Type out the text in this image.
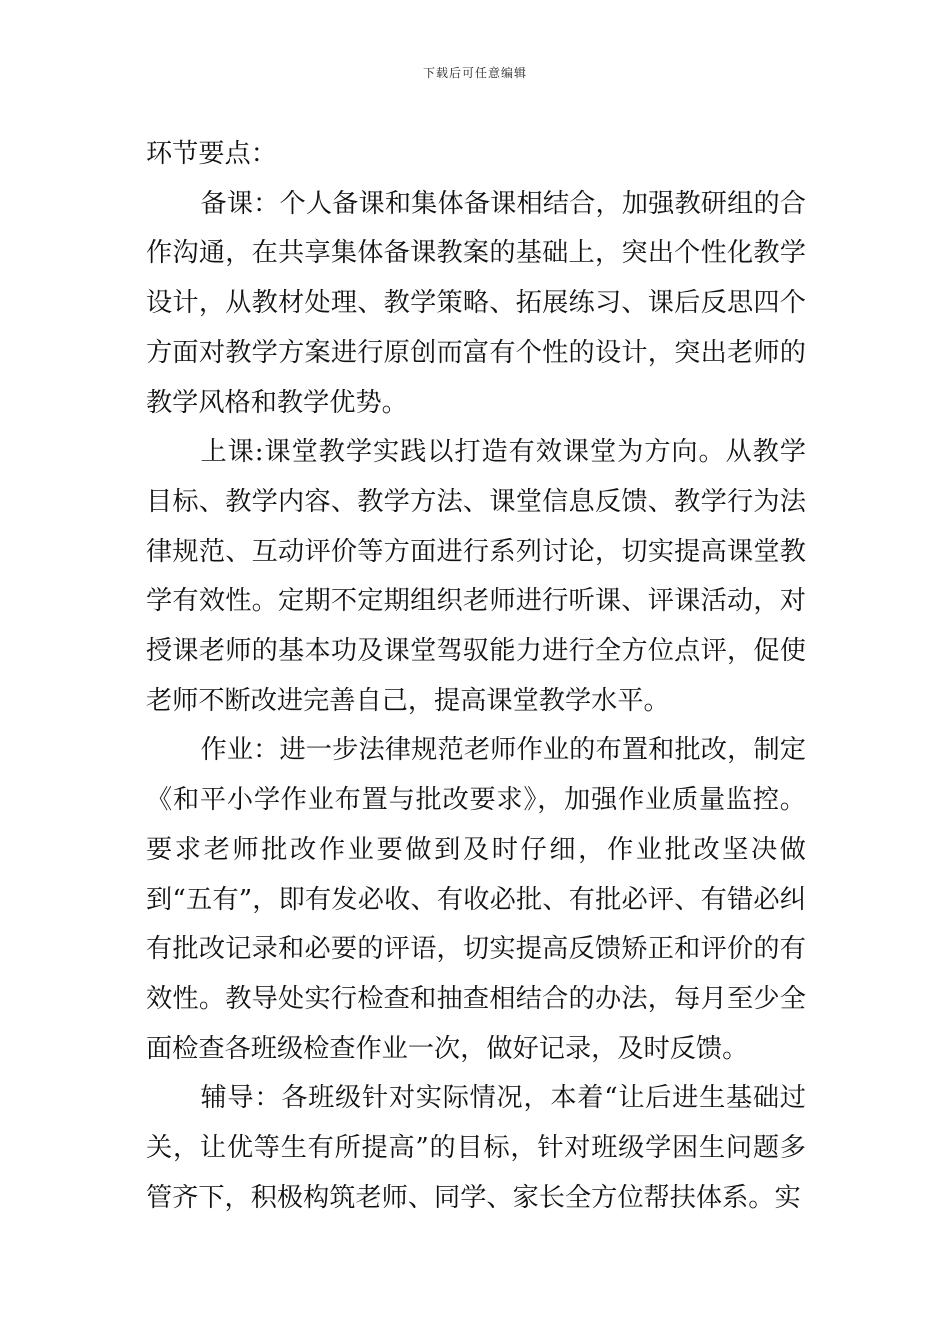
下载后可任意编辑

环节要点：

备课：个人备课和集体备课相结合，加强教研组的合作沟通，在共享集体备课教案的基础上，突出个性化教学设计，从教材处理、教学策略、拓展练习、课后反思四个方面对教学方案进行原创而富有个性的设计，突出老师的教学风格和教学优势。

上课:课堂教学实践以打造有效课堂为方向。从教学目标、教学内容、教学方法、课堂信息反馈、教学行为法律规范、互动评价等方面进行系列讨论，切实提高课堂教学有效性。定期不定期组织老师进行听课、评课活动，对授课老师的基本功及课堂驾驭能力进行全方位点评，促使老师不断改进完善自己，提高课堂教学水平。

作业：进一步法律规范老师作业的布置和批改，制定《和平小学作业布置与批改要求》，加强作业质量监控。要求老师批改作业要做到及时仔细，作业批改坚决做到“五有”，即有发必收、有收必批、有批必评、有错必纠有批改记录和必要的评语，切实提高反馈矫正和评价的有效性。教导处实行检查和抽查相结合的办法，每月至少全面检查各班级检查作业一次，做好记录，及时反馈。

辅导：各班级针对实际情况，本着“让后进生基础过关，让优等生有所提高”的目标，针对班级学困生问题多管齐下，积极构筑老师、同学、家长全方位帮扶体系。实
